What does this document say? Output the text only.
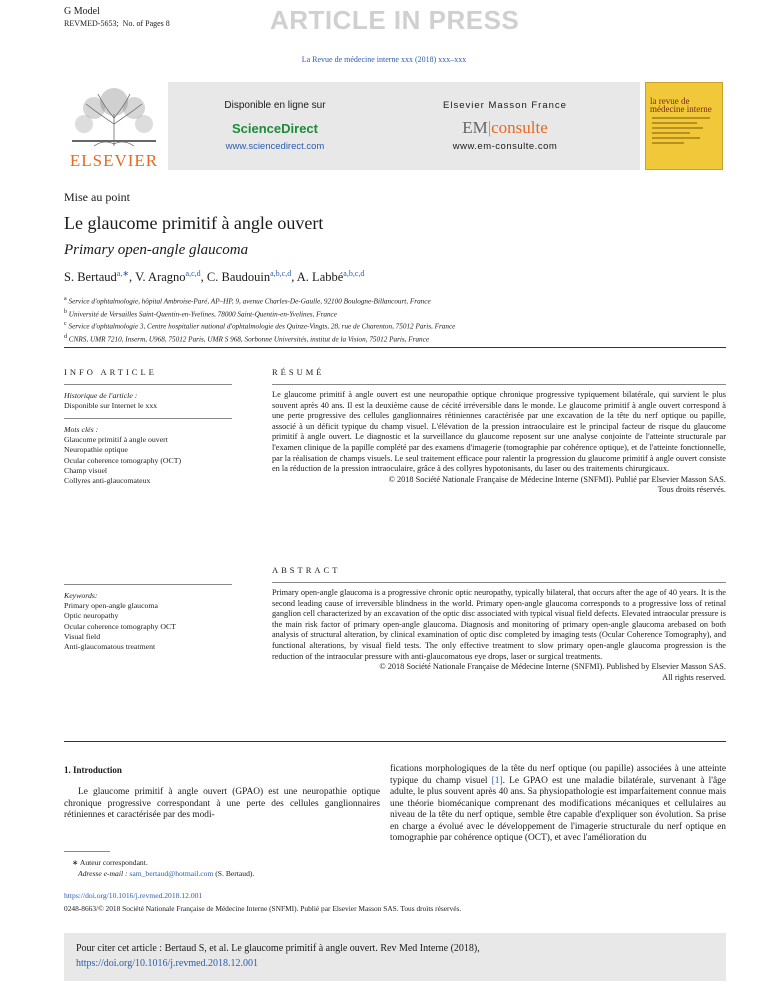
G Model
REVMED-5653; No. of Pages 8	ARTICLE IN PRESS
La Revue de médecine interne xxx (2018) xxx–xxx
ELSEVIER
Disponible en ligne sur
ScienceDirect
www.sciencedirect.com
Elsevier Masson France
EM|consulte
www.em-consulte.com
la revue de
médecine interne
Mise au point
Le glaucome primitif à angle ouvert
Primary open-angle glaucoma
S. Bertaud$^{a,∗}$, V. Aragno$^{a,c,d}$, C. Baudouin$^{a,b,c,d}$, A. Labbé$^{a,b,c,d}$
$^a$ Service d'ophtalmologie, hôpital Ambroise-Paré, AP–HP, 9, avenue Charles-De-Gaulle, 92100 Boulogne-Billancourt, France
$^b$ Université de Versailles Saint-Quentin-en-Yvelines, 78000 Saint-Quentin-en-Yvelines, France
$^c$ Service d'ophtalmologie 3, Centre hospitalier national d'ophtalmologie des Quinze-Vingts, 28, rue de Charenton, 75012 Paris, France
$^d$ CNRS, UMR 7210, Inserm, U968, 75012 Paris, UMR S 968, Sorbonne Universités, institut de la Vision, 75012 Paris, France
INFO ARTICLE
Historique de l'article :
Disponible sur Internet le xxx
Mots clés :
Glaucome primitif à angle ouvert
Neuropathie optique
Ocular coherence tomography (OCT)
Champ visuel
Collyres anti-glaucomateux
Keywords:
Primary open-angle glaucoma
Optic neuropathy
Ocular coherence tomography OCT
Visual field
Anti-glaucomatous treatment
RÉSUMÉ
Le glaucome primitif à angle ouvert est une neuropathie optique chronique progressive typiquement bilatérale, qui survient le plus souvent après 40 ans. Il est la deuxième cause de cécité irréversible dans le monde. Le glaucome primitif à angle ouvert correspond à une perte progressive des cellules ganglionnaires rétiniennes caractérisée par une excavation de la tête du nerf optique ou papille, associé à un déficit typique du champ visuel. L'élévation de la pression intraoculaire est le principal facteur de risque du glaucome primitif à angle ouvert. Le diagnostic et la surveillance du glaucome reposent sur une analyse conjointe de l'atteinte structurale par l'examen clinique de la papille complété par des examens d'imagerie (tomographie par cohérence optique), et de l'atteinte fonctionnelle, par la réalisation de champs visuels. Le seul traitement efficace pour ralentir la progression du glaucome primitif à angle ouvert consiste en la réduction de la pression intraoculaire, grâce à des collyres hypotonisants, du laser ou des traitements chirurgicaux.
© 2018 Société Nationale Française de Médecine Interne (SNFMI). Publié par Elsevier Masson SAS.
Tous droits réservés.
ABSTRACT
Primary open-angle glaucoma is a progressive chronic optic neuropathy, typically bilateral, that occurs after the age of 40 years. It is the second leading cause of irreversible blindness in the world. Primary open-angle glaucoma corresponds to a progressive loss of retinal ganglion cell characterized by an excavation of the optic disc associated with typical visual field defects. Elevated intraocular pressure is the main risk factor of primary open-angle glaucoma. Diagnosis and monitoring of primary open-angle glaucoma arebased on both analysis of structural alteration, by clinical examination of optic disc completed by imaging tests (Ocular Coherence Tomography), and functional alterations, by visual field tests. The only effective treatment to slow primary open-angle glaucoma progression is the reduction of the intraocular pressure with anti-glaucomatous eye drops, laser or surgical treatments.
© 2018 Société Nationale Française de Médecine Interne (SNFMI). Published by Elsevier Masson SAS.
All rights reserved.
1. Introduction
Le glaucome primitif à angle ouvert (GPAO) est une neuropathie optique chronique progressive correspondant à une perte des cellules ganglionnaires rétiniennes et caractérisée par des modi-
fications morphologiques de la tête du nerf optique (ou papille) associées à une atteinte typique du champ visuel [1]. Le GPAO est une maladie bilatérale, survenant à l'âge adulte, le plus souvent après 40 ans. Sa physiopathologie est imparfaitement connue mais une théorie biomécanique comprenant des modifications mécaniques et cellulaires au niveau de la tête du nerf optique, semble être capable d'expliquer son évolution. Sa prise en charge a évolué avec le développement de l'imagerie structurale du nerf optique en tomographie par cohérence optique (OCT), et avec l'amélioration du
∗ Auteur correspondant.
Adresse e-mail : sam_bertaud@hotmail.com (S. Bertaud).
https://doi.org/10.1016/j.revmed.2018.12.001
0248-8663/© 2018 Société Nationale Française de Médecine Interne (SNFMI). Publié par Elsevier Masson SAS. Tous droits réservés.
Pour citer cet article : Bertaud S, et al. Le glaucome primitif à angle ouvert. Rev Med Interne (2018),
https://doi.org/10.1016/j.revmed.2018.12.001
